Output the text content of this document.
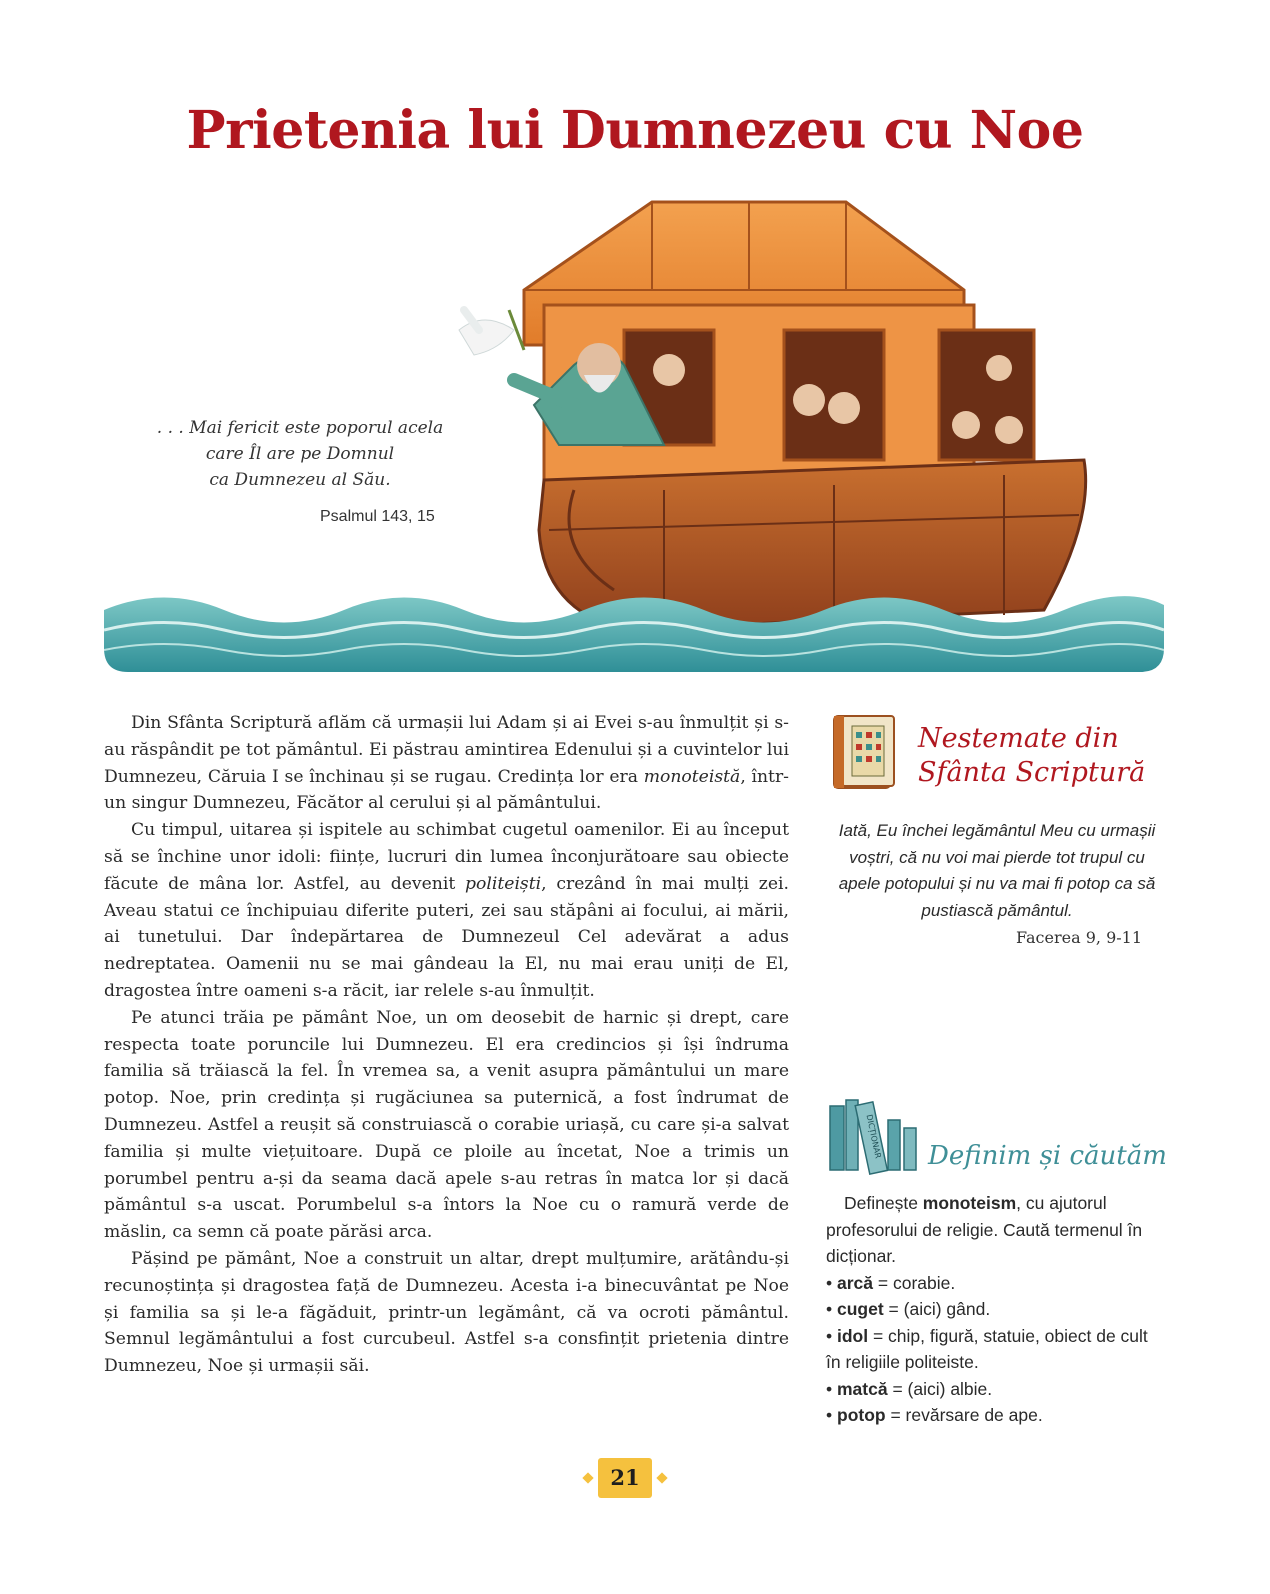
Prietenia lui Dumnezeu cu Noe
. . . Mai fericit este poporul acela
care Îl are pe Domnul
ca Dumnezeu al Său.
Psalmul 143, 15

Din Sfânta Scriptură aflăm că urmașii lui Adam și ai Evei s-au înmulțit și s-au răspândit pe tot pământul. Ei păstrau amintirea Edenului și a cuvintelor lui Dumnezeu, Căruia I se închinau și se rugau. Credința lor era monoteistă, într-un singur Dumnezeu, Făcător al cerului și al pământului.

Cu timpul, uitarea și ispitele au schimbat cugetul oamenilor. Ei au început să se închine unor idoli: ființe, lucruri din lumea înconjurătoare sau obiecte făcute de mâna lor. Astfel, au devenit politeiști, crezând în mai mulți zei. Aveau statui ce închipuiau diferite puteri, zei sau stăpâni ai focului, ai mării, ai tunetului. Dar îndepărtarea de Dumnezeul Cel adevărat a adus nedreptatea. Oamenii nu se mai gândeau la El, nu mai erau uniți de El, dragostea între oameni s-a răcit, iar relele s-au înmulțit.

Pe atunci trăia pe pământ Noe, un om deosebit de harnic și drept, care respecta toate poruncile lui Dumnezeu. El era credincios și își îndruma familia să trăiască la fel. În vremea sa, a venit asupra pământului un mare potop. Noe, prin credința și rugăciunea sa puternică, a fost îndrumat de Dumnezeu. Astfel a reușit să construiască o corabie uriașă, cu care și-a salvat familia și multe viețuitoare. După ce ploile au încetat, Noe a trimis un porumbel pentru a-și da seama dacă apele s-au retras în matca lor și dacă pământul s-a uscat. Porumbelul s-a întors la Noe cu o ramură verde de măslin, ca semn că poate părăsi arca.

Pășind pe pământ, Noe a construit un altar, drept mulțumire, arătându-și recunoștința și dragostea față de Dumnezeu. Acesta i-a binecuvântat pe Noe și familia sa și le-a făgăduit, printr-un legământ, că va ocroti pământul. Semnul legământului a fost curcubeul. Astfel s-a consfințit prietenia dintre Dumnezeu, Noe și urmașii săi.

Nestemate din
Sfânta Scriptură
Iată, Eu închei legământul Meu cu urmașii voștri, că nu voi mai pierde tot trupul cu apele potopului și nu va mai fi potop ca să pustiască pământul.
Facerea 9, 9-11
DICȚIONAR Definim și căutăm
Definește monoteism, cu ajutorul profesorului de religie. Caută termenul în dicționar.
• arcă = corabie.
• cuget = (aici) gând.
• idol = chip, figură, statuie, obiect de cult în religiile politeiste.
• matcă = (aici) albie.
• potop = revărsare de ape.
21
